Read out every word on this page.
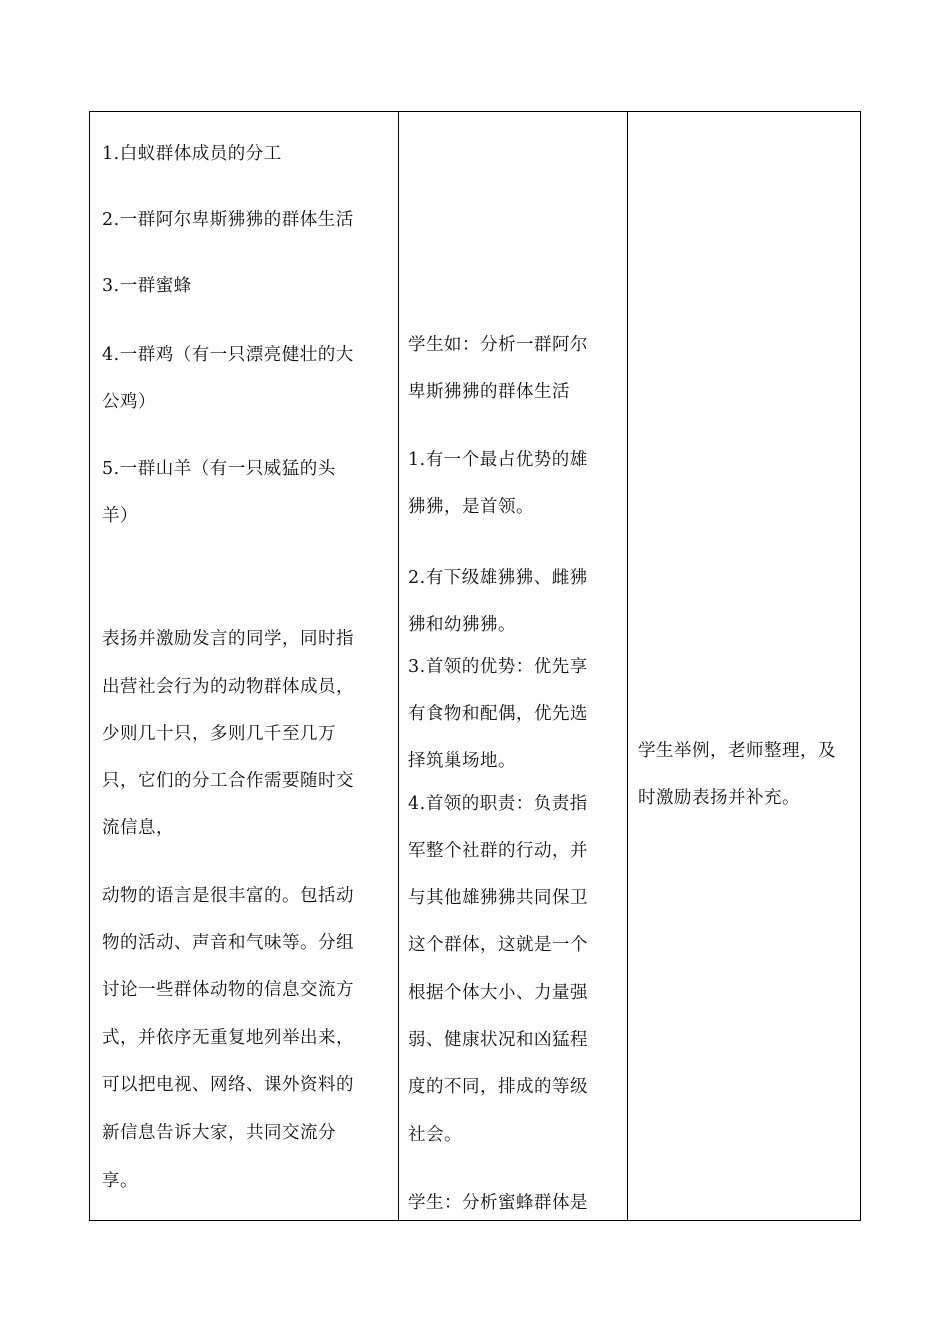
1.白蚁群体成员的分工
2.一群阿尔卑斯狒狒的群体生活
3.一群蜜蜂
4.一群鸡（有一只漂亮健壮的大
公鸡）
5.一群山羊（有一只威猛的头
羊）
表扬并激励发言的同学，同时指
出营社会行为的动物群体成员，
少则几十只，多则几千至几万
只，它们的分工合作需要随时交
流信息，
动物的语言是很丰富的。包括动
物的活动、声音和气味等。分组
讨论一些群体动物的信息交流方
式，并依序无重复地列举出来，
可以把电视、网络、课外资料的
新信息告诉大家，共同交流分
享。
学生如：分析一群阿尔
卑斯狒狒的群体生活
1.有一个最占优势的雄
狒狒，是首领。
2.有下级雄狒狒、雌狒
狒和幼狒狒。
3.首领的优势：优先享
有食物和配偶，优先选
择筑巢场地。
4.首领的职责：负责指
军整个社群的行动，并
与其他雄狒狒共同保卫
这个群体，这就是一个
根据个体大小、力量强
弱、健康状况和凶猛程
度的不同，排成的等级
社会。
学生：分析蜜蜂群体是
学生举例，老师整理，及
时激励表扬并补充。
